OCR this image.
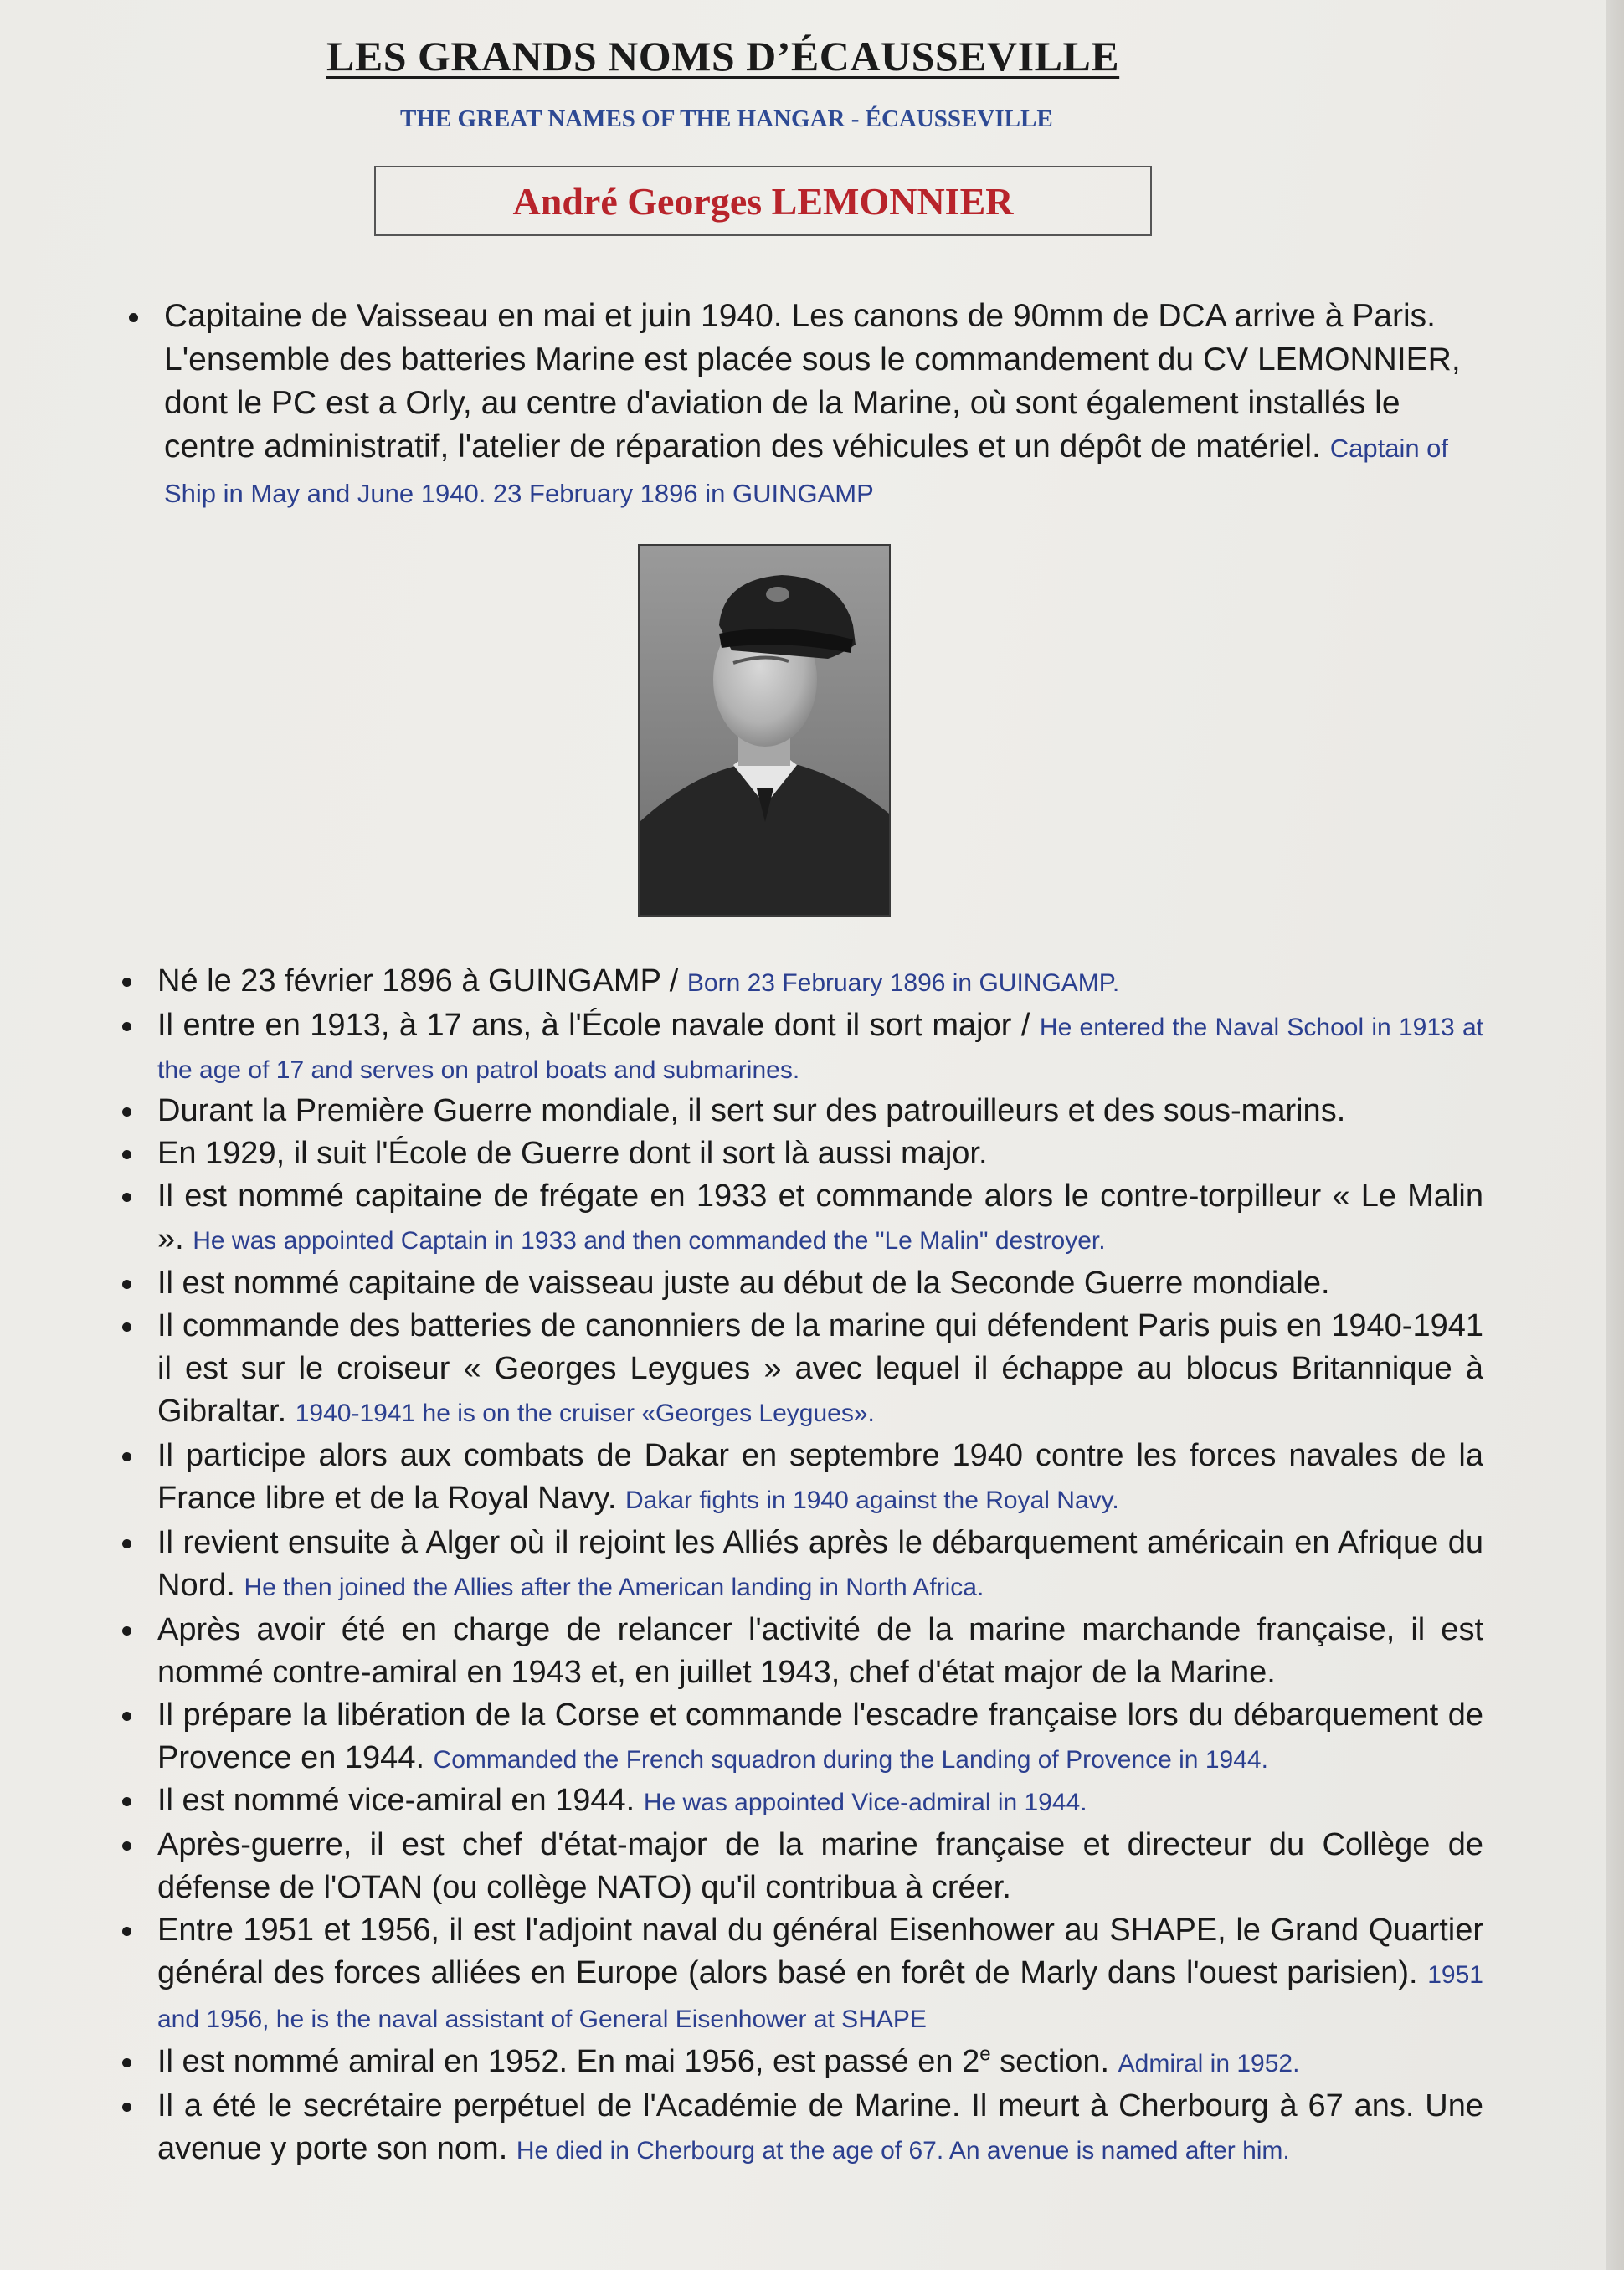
LES GRANDS NOMS D’ÉCAUSSEVILLE
THE GREAT NAMES OF THE HANGAR - ÉCAUSSEVILLE
André Georges LEMONNIER
Capitaine de Vaisseau en mai et juin 1940. Les canons de 90mm de DCA arrive à Paris. L'ensemble des batteries Marine est placée sous le commandement du CV LEMONNIER, dont le PC est a Orly, au centre d'aviation de la Marine, où sont également installés le centre administratif, l'atelier de réparation des véhicules et un dépôt de matériel. Captain of Ship in May and June 1940. 23 February 1896 in GUINGAMP
Né le 23 février 1896 à GUINGAMP / Born 23 February 1896 in GUINGAMP.
Il entre en 1913, à 17 ans, à l'École navale dont il sort major / He entered the Naval School in 1913 at the age of 17 and serves on patrol boats and submarines.
Durant la Première Guerre mondiale, il sert sur des patrouilleurs et des sous-marins.
En 1929, il suit l'École de Guerre dont il sort là aussi major.
Il est nommé capitaine de frégate en 1933 et commande alors le contre-torpilleur « Le Malin ». He was appointed Captain in 1933 and then commanded the "Le Malin" destroyer.
Il est nommé capitaine de vaisseau juste au début de la Seconde Guerre mondiale.
Il commande des batteries de canonniers de la marine qui défendent Paris puis en 1940-1941 il est sur le croiseur « Georges Leygues » avec lequel il échappe au blocus Britannique à Gibraltar. 1940-1941 he is on the cruiser «Georges Leygues».
Il participe alors aux combats de Dakar en septembre 1940 contre les forces navales de la France libre et de la Royal Navy. Dakar fights in 1940 against the Royal Navy.
Il revient ensuite à Alger où il rejoint les Alliés après le débarquement américain en Afrique du Nord. He then joined the Allies after the American landing in North Africa.
Après avoir été en charge de relancer l'activité de la marine marchande française, il est nommé contre-amiral en 1943 et, en juillet 1943, chef d'état major de la Marine.
Il prépare la libération de la Corse et commande l'escadre française lors du débarquement de Provence en 1944. Commanded the French squadron during the Landing of Provence in 1944.
Il est nommé vice-amiral en 1944. He was appointed Vice-admiral in 1944.
Après-guerre, il est chef d'état-major de la marine française et directeur du Collège de défense de l'OTAN (ou collège NATO) qu'il contribua à créer.
Entre 1951 et 1956, il est l'adjoint naval du général Eisenhower au SHAPE, le Grand Quartier général des forces alliées en Europe (alors basé en forêt de Marly dans l'ouest parisien). 1951 and 1956, he is the naval assistant of General Eisenhower at SHAPE
Il est nommé amiral en 1952. En mai 1956, est passé en 2e section. Admiral in 1952.
Il a été le secrétaire perpétuel de l'Académie de Marine. Il meurt à Cherbourg à 67 ans. Une avenue y porte son nom. He died in Cherbourg at the age of 67. An avenue is named after him.
